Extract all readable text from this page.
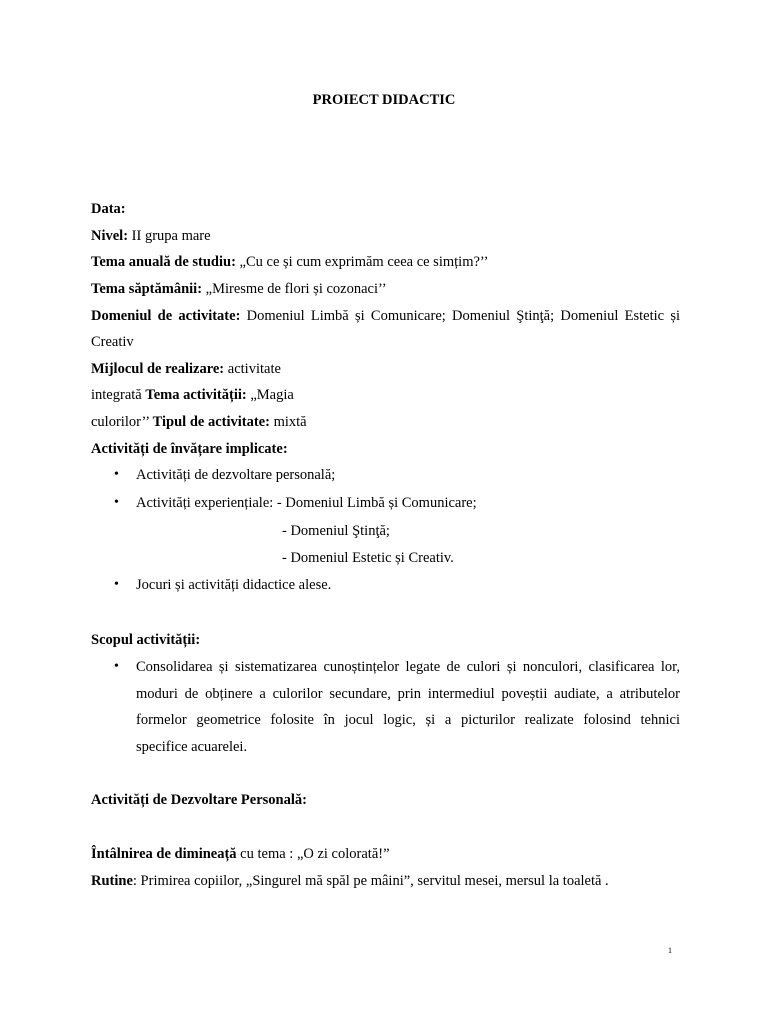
PROIECT DIDACTIC
Data:
Nivel: II grupa mare
Tema anuală de studiu: „Cu ce și cum exprimăm ceea ce simțim?’’
Tema săptămânii: „Miresme de flori și cozonaci’’
Domeniul de activitate: Domeniul Limbă și Comunicare; Domeniul Ştinţă; Domeniul Estetic și
Creativ
Mijlocul de realizare: activitate
integrată Tema activității: „Magia
culorilor’’ Tipul de activitate: mixtă
Activități de învățare implicate:
• Activități de dezvoltare personală;
• Activități experiențiale: - Domeniul Limbă și Comunicare;
- Domeniul Ştinţă;
- Domeniul Estetic și Creativ.
• Jocuri și activități didactice alese.
Scopul activității:
• Consolidarea și sistematizarea cunoștințelor legate de culori și nonculori, clasificarea lor,
moduri de obținere a culorilor secundare, prin intermediul poveștii audiate, a atributelor
formelor geometrice folosite în jocul logic, și a picturilor realizate folosind tehnici
specifice acuarelei.
Activități de Dezvoltare Personală:
Întâlnirea de dimineață cu tema : „O zi colorată!”
Rutine: Primirea copiilor, „Singurel mă spăl pe mâini”, servitul mesei, mersul la toaletă .
1
